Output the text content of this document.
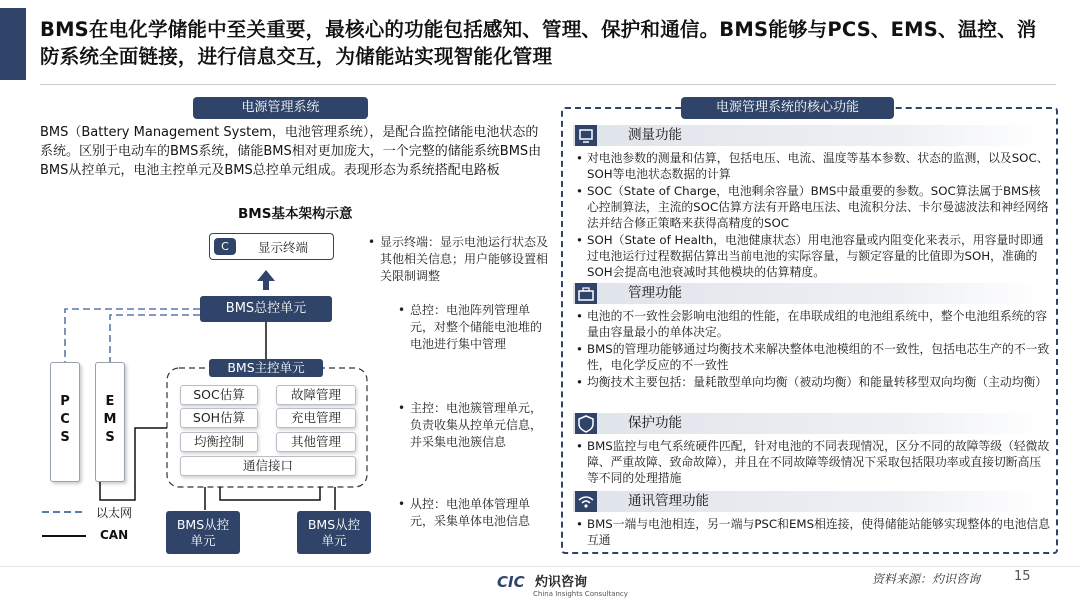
BMS在电化学储能中至关重要，最核心的功能包括感知、管理、保护和通信。BMS能够与PCS、EMS、温控、消防系统全面链接，进行信息交互，为储能站实现智能化管理
电源管理系统
BMS（Battery Management System，电池管理系统），是配合监控储能电池状态的系统。区别于电动车的BMS系统，储能BMS相对更加庞大，一个完整的储能系统BMS由BMS从控单元，电池主控单元及BMS总控单元组成。表现形态为系统搭配电路板
BMS基本架构示意
C	显示终端
BMS总控单元
BMS主控单元
SOC估算	故障管理
SOH估算	充电管理
均衡控制	其他管理
通信接口
P
C
S
E
M
S
BMS从控单元
BMS从控单元
以太网
CAN
• 显示终端：显示电池运行状态及其他相关信息；用户能够设置相关限制调整
• 总控：电池阵列管理单元，对整个储能电池堆的电池进行集中管理
• 主控：电池簇管理单元，负责收集从控单元信息，并采集电池簇信息
• 从控：电池单体管理单元，采集单体电池信息
电源管理系统的核心功能
测量功能
• 对电池参数的测量和估算，包括电压、电流、温度等基本参数、状态的监测，以及SOC、SOH等电池状态数据的计算
• SOC（State of Charge，电池剩余容量）BMS中最重要的参数。SOC算法属于BMS核心控制算法，主流的SOC估算方法有开路电压法、电流积分法、卡尔曼滤波法和神经网络法并结合修正策略来获得高精度的SOC
• SOH（State of Health，电池健康状态）用电池容量或内阻变化来表示，用容量时即通过电池运行过程数据估算出当前电池的实际容量，与额定容量的比值即为SOH，准确的SOH会提高电池衰减时其他模块的估算精度。
管理功能
• 电池的不一致性会影响电池组的性能，在串联成组的电池组系统中，整个电池组系统的容量由容量最小的单体决定。
• BMS的管理功能够通过均衡技术来解决整体电池模组的不一致性，包括电芯生产的不一致性，电化学反应的不一致性
• 均衡技术主要包括：量耗散型单向均衡（被动均衡）和能量转移型双向均衡（主动均衡）
保护功能
• BMS监控与电气系统硬件匹配，针对电池的不同表现情况，区分不同的故障等级（轻微故障、严重故障、致命故障），并且在不同故障等级情况下采取包括限功率或直接切断高压等不同的处理措施
通讯管理功能
• BMS一端与电池相连，另一端与PSC和EMS相连接，使得储能站能够实现整体的电池信息互通
CIC 灼识咨询
China Insights Consultancy
资料来源：灼识咨询	15
